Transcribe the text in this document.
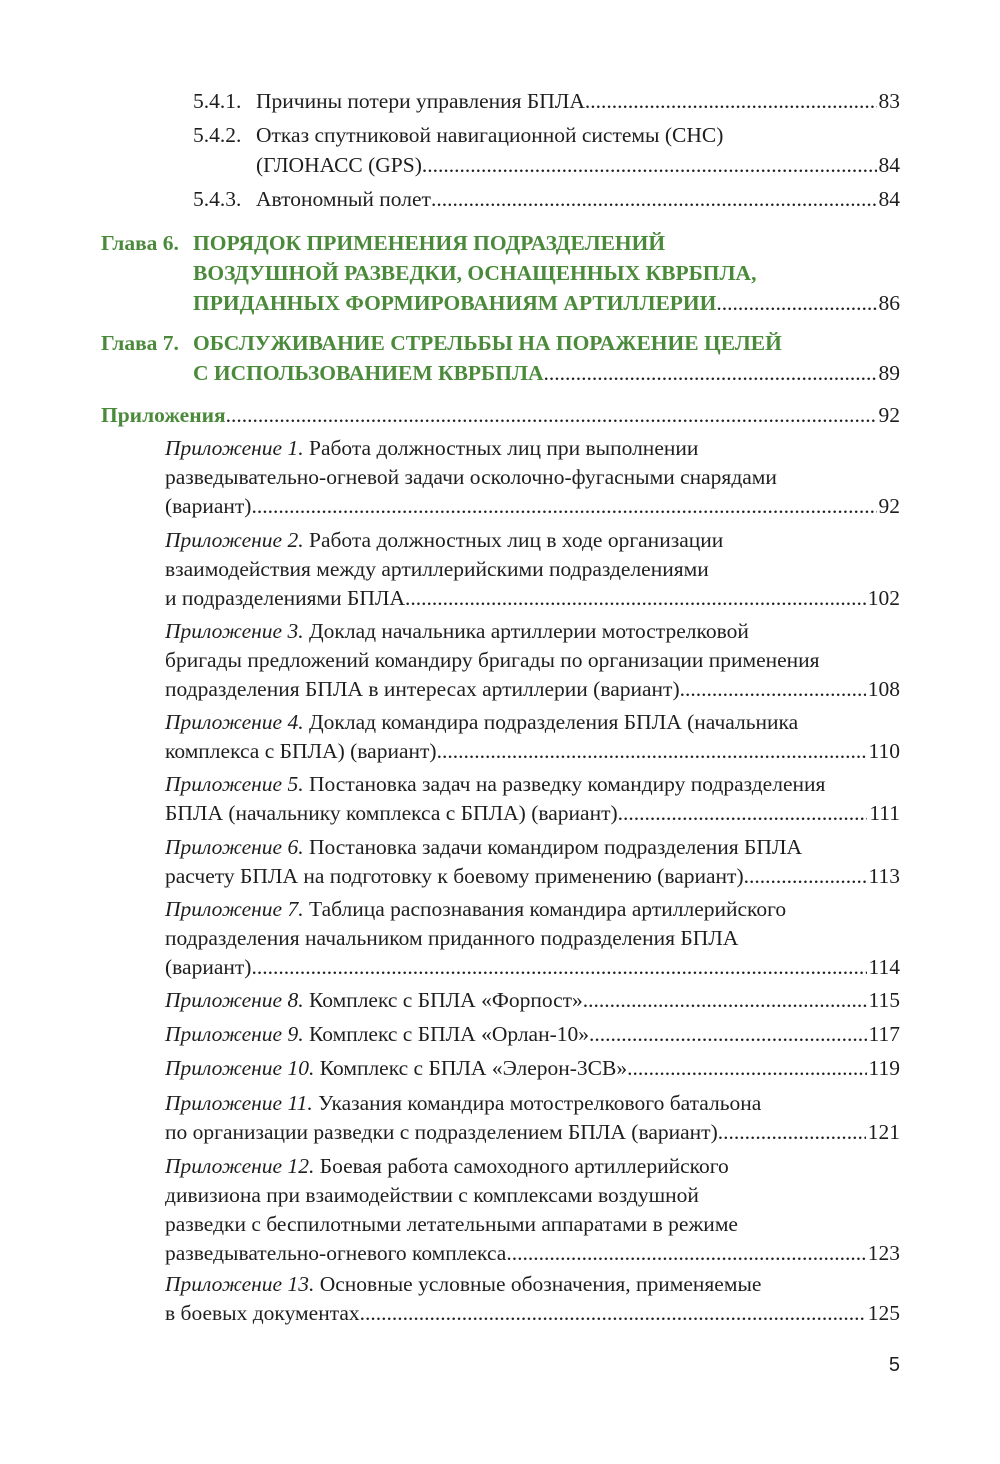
5.4.1. Причины потери управления БПЛА .....	83
5.4.2. Отказ спутниковой навигационной системы (СНС)
(ГЛОНАСС (GPS) .....	84
5.4.3. Автономный полет .....	84
Глава 6. ПОРЯДОК ПРИМЕНЕНИЯ ПОДРАЗДЕЛЕНИЙ
ВОЗДУШНОЙ РАЗВЕДКИ, ОСНАЩЕННЫХ КВРБПЛА,
ПРИДАННЫХ ФОРМИРОВАНИЯМ АРТИЛЛЕРИИ .....	86
Глава 7. ОБСЛУЖИВАНИЕ СТРЕЛЬБЫ НА ПОРАЖЕНИЕ ЦЕЛЕЙ
С ИСПОЛЬЗОВАНИЕМ КВРБПЛА .....	89
Приложения .....	92
Приложение 1. Работа должностных лиц при выполнении
разведывательно-огневой задачи осколочно-фугасными снарядами
(вариант) .....	92
Приложение 2. Работа должностных лиц в ходе организации
взаимодействия между артиллерийскими подразделениями
и подразделениями БПЛА .....	102
Приложение 3. Доклад начальника артиллерии мотострелковой
бригады предложений командиру бригады по организации применения
подразделения БПЛА в интересах артиллерии (вариант) .....	108
Приложение 4. Доклад командира подразделения БПЛА (начальника
комплекса с БПЛА) (вариант) .....	110
Приложение 5. Постановка задач на разведку командиру подразделения
БПЛА (начальнику комплекса с БПЛА) (вариант) .....	111
Приложение 6. Постановка задачи командиром подразделения БПЛА
расчету БПЛА на подготовку к боевому применению (вариант) .....	113
Приложение 7. Таблица распознавания командира артиллерийского
подразделения начальником приданного подразделения БПЛА
(вариант) .....	114
Приложение 8. Комплекс с БПЛА «Форпост» .....	115
Приложение 9. Комплекс с БПЛА «Орлан-10» .....	117
Приложение 10. Комплекс с БПЛА «Элерон-3СВ» .....	119
Приложение 11. Указания командира мотострелкового батальона
по организации разведки с подразделением БПЛА (вариант) .....	121
Приложение 12. Боевая работа самоходного артиллерийского
дивизиона при взаимодействии с комплексами воздушной
разведки с беспилотными летательными аппаратами в режиме
разведывательно-огневого комплекса .....	123
Приложение 13. Основные условные обозначения, применяемые
в боевых документах .....	125
5
